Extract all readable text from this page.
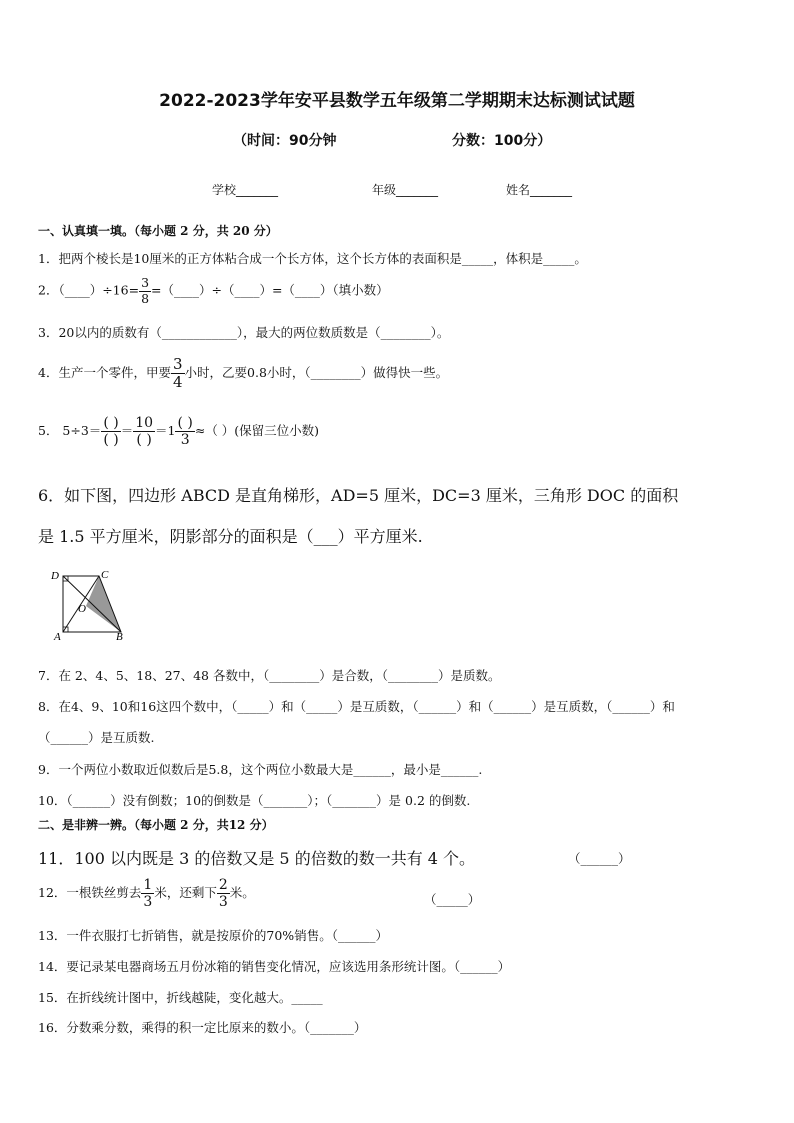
2022-2023学年安平县数学五年级第二学期期末达标测试试题
（时间：90分钟	分数：100分）
学校_______	年级_______	姓名_______
一、认真填一填。（每小题 2 分，共 20 分）
1．把两个棱长是10厘米的正方体粘合成一个长方体，这个长方体的表面积是_____，体积是_____。
2．（____）÷16= $\frac{3}{8}$ =（____）÷（____）=（____）（填小数）
3．20以内的质数有（____________），最大的两位数质数是（________）。
4．生产一个零件，甲要 $\frac{3}{4}$ 小时，乙要0.8小时，（________）做得快一些。
5． $5\div 3= \frac{( )}{( )} = \frac{10}{( )} =1 \frac{( )}{3}$ ≈（ ）(保留三位小数)
6．如下图，四边形 ABCD 是直角梯形，AD=5 厘米，DC=3 厘米，三角形 DOC 的面积
是 1.5 平方厘米，阴影部分的面积是（___）平方厘米.
D	C
O
A	B
7．在 2、4、5、18、27、48 各数中，（________）是合数，（________）是质数。
8．在4、9、10和16这四个数中，（_____）和（_____）是互质数，（______）和（______）是互质数，（______）和
（______）是互质数.
9．一个两位小数取近似数后是5.8，这个两位小数最大是______，最小是______.
10．（______）没有倒数；10的倒数是（_______）；（_______）是 0.2 的倒数.
二、是非辨一辨。（每小题 2 分，共12 分）
11．100 以内既是 3 的倍数又是 5 的倍数的数一共有 4 个。	（______）
12．一根铁丝剪去 $\frac{1}{3}$ 米，还剩下 $\frac{2}{3}$ 米。	（_____）
13．一件衣服打七折销售，就是按原价的70%销售。（______）
14．要记录某电器商场五月份冰箱的销售变化情况，应该选用条形统计图。（______）
15．在折线统计图中，折线越陡，变化越大。_____
16．分数乘分数，乘得的积一定比原来的数小。（_______）
